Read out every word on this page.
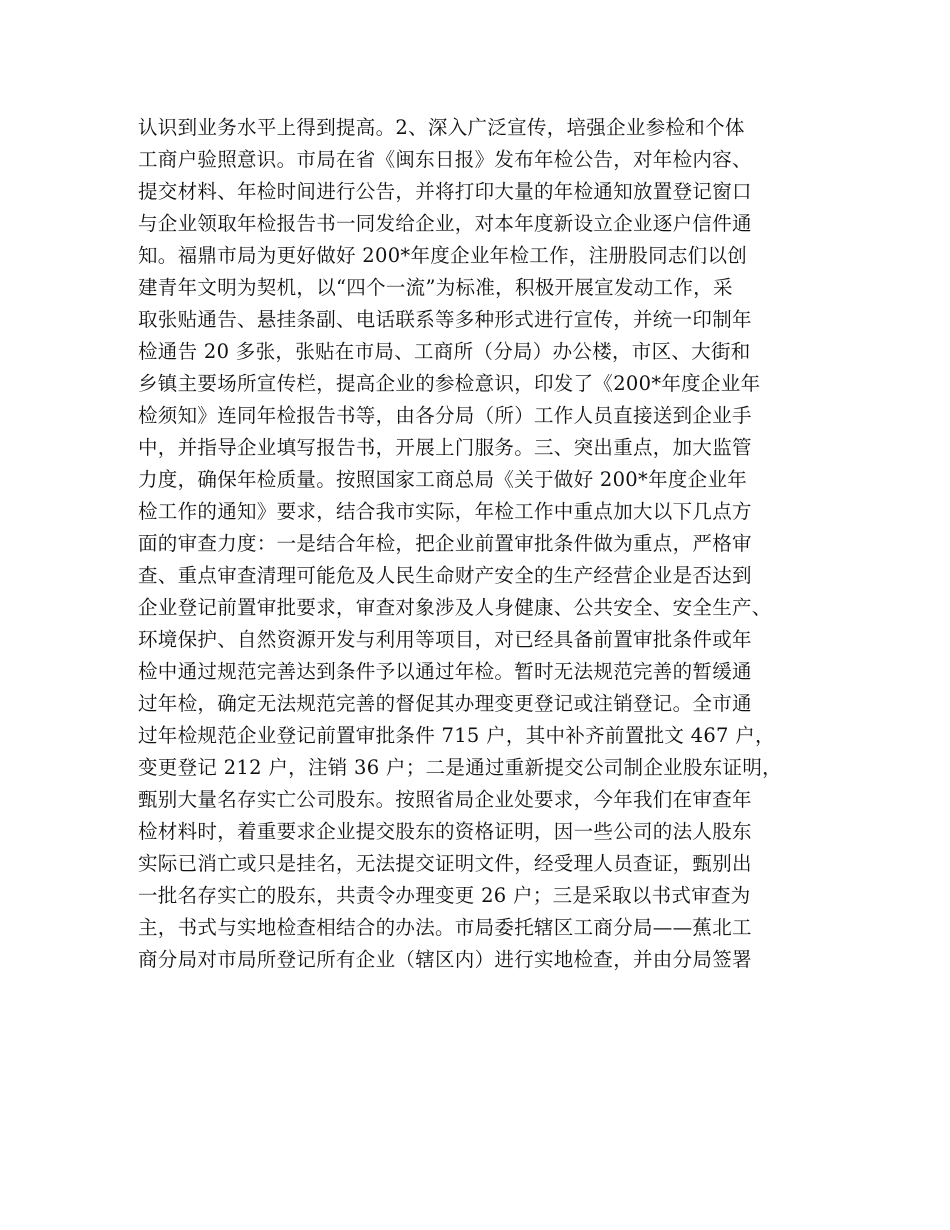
认识到业务水平上得到提高。2、深入广泛宣传，培强企业参检和个体
工商户验照意识。市局在省《闽东日报》发布年检公告，对年检内容、
提交材料、年检时间进行公告，并将打印大量的年检通知放置登记窗口
与企业领取年检报告书一同发给企业，对本年度新设立企业逐户信件通
知。福鼎市局为更好做好 200*年度企业年检工作，注册股同志们以创
建青年文明为契机，以“四个一流”为标准，积极开展宣发动工作，采
取张贴通告、悬挂条副、电话联系等多种形式进行宣传，并统一印制年
检通告 20 多张，张贴在市局、工商所（分局）办公楼，市区、大街和
乡镇主要场所宣传栏，提高企业的参检意识，印发了《200*年度企业年
检须知》连同年检报告书等，由各分局（所）工作人员直接送到企业手
中，并指导企业填写报告书，开展上门服务。三、突出重点，加大监管
力度，确保年检质量。按照国家工商总局《关于做好 200*年度企业年
检工作的通知》要求，结合我市实际，年检工作中重点加大以下几点方
面的审查力度：一是结合年检，把企业前置审批条件做为重点，严格审
查、重点审查清理可能危及人民生命财产安全的生产经营企业是否达到
企业登记前置审批要求，审查对象涉及人身健康、公共安全、安全生产、
环境保护、自然资源开发与利用等项目，对已经具备前置审批条件或年
检中通过规范完善达到条件予以通过年检。暂时无法规范完善的暂缓通
过年检，确定无法规范完善的督促其办理变更登记或注销登记。全市通
过年检规范企业登记前置审批条件 715 户，其中补齐前置批文 467 户，
变更登记 212 户，注销 36 户；二是通过重新提交公司制企业股东证明，
甄别大量名存实亡公司股东。按照省局企业处要求，今年我们在审查年
检材料时，着重要求企业提交股东的资格证明，因一些公司的法人股东
实际已消亡或只是挂名，无法提交证明文件，经受理人员查证，甄别出
一批名存实亡的股东，共责令办理变更 26 户；三是采取以书式审查为
主，书式与实地检查相结合的办法。市局委托辖区工商分局——蕉北工
商分局对市局所登记所有企业（辖区内）进行实地检查，并由分局签署
